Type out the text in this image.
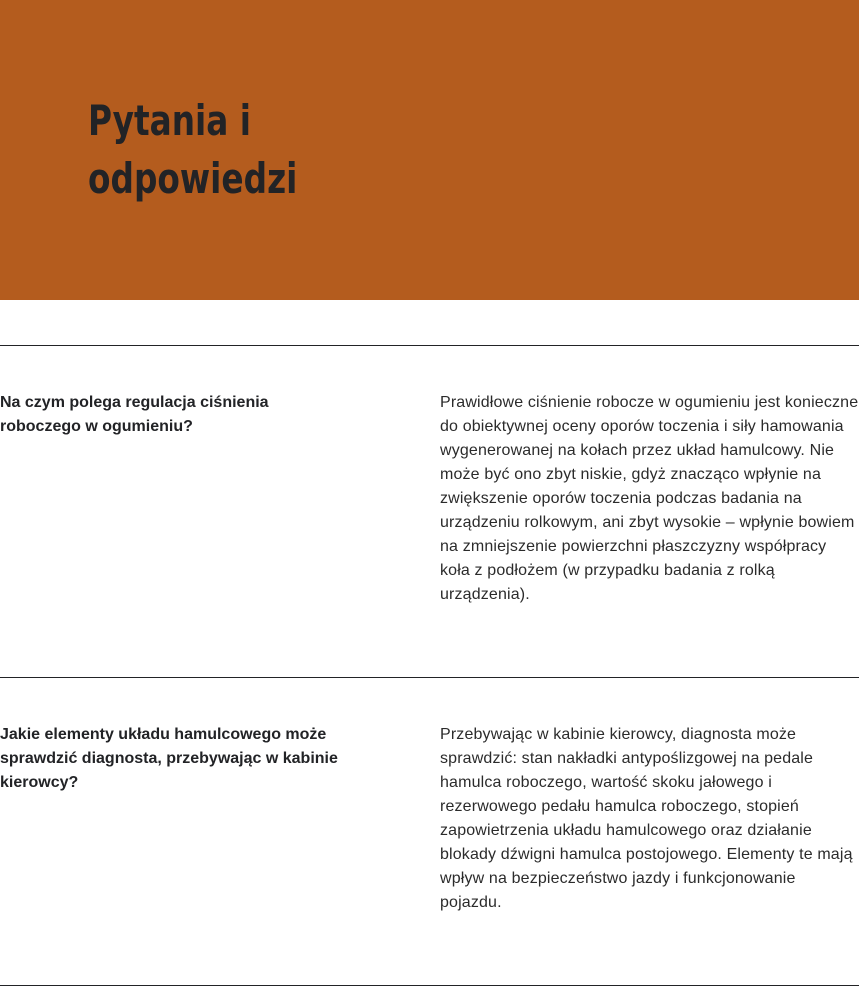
Pytania i
odpowiedzi
Na czym polega regulacja ciśnienia roboczego w ogumieniu?

Prawidłowe ciśnienie robocze w ogumieniu jest konieczne do obiektywnej oceny oporów toczenia i siły hamowania wygenerowanej na kołach przez układ hamulcowy. Nie może być ono zbyt niskie, gdyż znacząco wpłynie na zwiększenie oporów toczenia podczas badania na urządzeniu rolkowym, ani zbyt wysokie – wpłynie bowiem na zmniejszenie powierzchni płaszczyzny współpracy koła z podłożem (w przypadku badania z rolką urządzenia).

Jakie elementy układu hamulcowego może sprawdzić diagnosta, przebywając w kabinie kierowcy?

Przebywając w kabinie kierowcy, diagnosta może sprawdzić: stan nakładki antypoślizgowej na pedale hamulca roboczego, wartość skoku jałowego i rezerwowego pedału hamulca roboczego, stopień zapowietrzenia układu hamulcowego oraz działanie blokady dźwigni hamulca postojowego. Elementy te mają wpływ na bezpieczeństwo jazdy i funkcjonowanie pojazdu.
